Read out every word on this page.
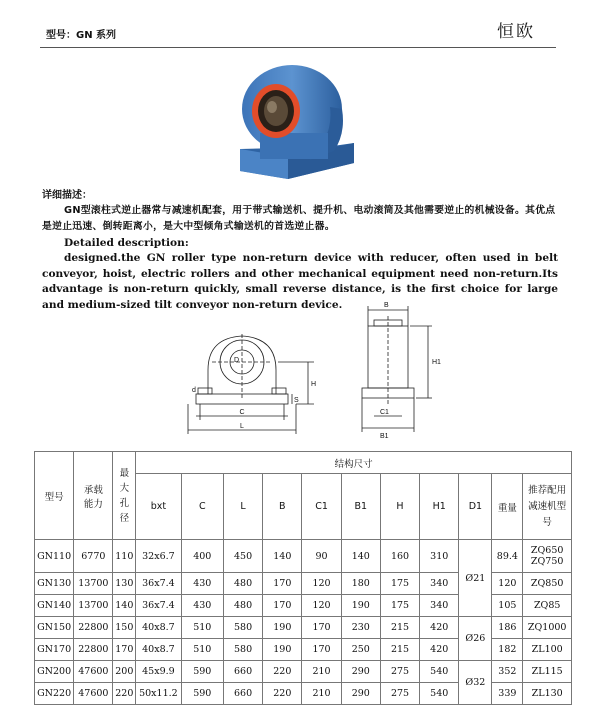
型号：GN 系列	恒欧
详细描述：
GN型滚柱式逆止器常与减速机配套，用于带式输送机、提升机、电动滚筒及其他需要逆止的机械设备。其优点是逆止迅速、倒转距离小，是大中型倾角式输送机的首选逆止器。
Detailed description:
designed.the GN roller type non-return device with reducer, often used in belt conveyor, hoist, electric rollers and other mechanical equipment need non-return.Its advantage is non-return quickly, small reverse distance, is the first choice for large and medium-sized tilt conveyor non-return device.
C
L
H
S
D
d
B
C1
B1
H1
型号	承载能力	最大孔径	结构尺寸										
			bxt	C	L	B	C1	B1	H	H1	D1	重量	推荐配用减速机型号
GN110	6770	110	32x6.7	400	450	140	90	140	160	310	Ø21	89.4	ZQ650
ZQ750

GN130	13700	130	36x7.4	430	480	170	120	180	175	340		120	ZQ850

GN140	13700	140	36x7.4	430	480	170	120	190	175	340		105	ZQ85

GN150	22800	150	40x8.7	510	580	190	170	230	215	420	Ø26	186	ZQ1000

GN170	22800	170	40x8.7	510	580	190	170	250	215	420		182	ZL100

GN200	47600	200	45x9.9	590	660	220	210	290	275	540	Ø32	352	ZL115

GN220	47600	220	50x11.2	590	660	220	210	290	275	540		339	ZL130
